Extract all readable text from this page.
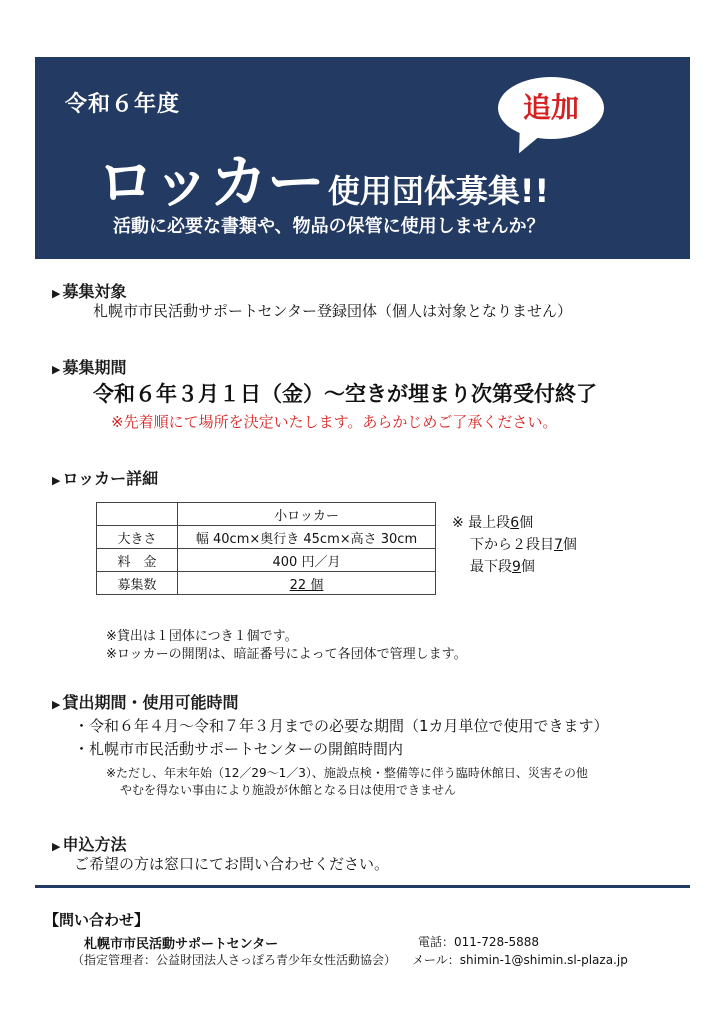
令和６年度	追加
ロッカー 使用団体募集!!
活動に必要な書類や、物品の保管に使用しませんか？
▶ 募集対象
札幌市市民活動サポートセンター登録団体（個人は対象となりません）
▶ 募集期間
令和６年３月１日（金）〜空きが埋まり次第受付終了
※先着順にて場所を決定いたします。あらかじめご了承ください。
▶ ロッカー詳細
	小ロッカー
大きさ	幅 40cm×奥行き 45cm×高さ 30cm
料　金	400 円／月
募集数	22 個
※ 最上段6個
下から２段目7個
最下段9個
※貸出は１団体につき１個です。
※ロッカーの開閉は、暗証番号によって各団体で管理します。
▶ 貸出期間・使用可能時間
・令和６年４月〜令和７年３月までの必要な期間（1カ月単位で使用できます）
・札幌市市民活動サポートセンターの開館時間内
※ただし、年末年始（12／29〜1／3）、施設点検・整備等に伴う臨時休館日、災害その他
やむを得ない事由により施設が休館となる日は使用できません
▶ 申込方法
ご希望の方は窓口にてお問い合わせください。
【問い合わせ】
札幌市市民活動サポートセンター	電話：011-728-5888
（指定管理者：公益財団法人さっぽろ青少年女性活動協会） メール：shimin-1@shimin.sl-plaza.jp
